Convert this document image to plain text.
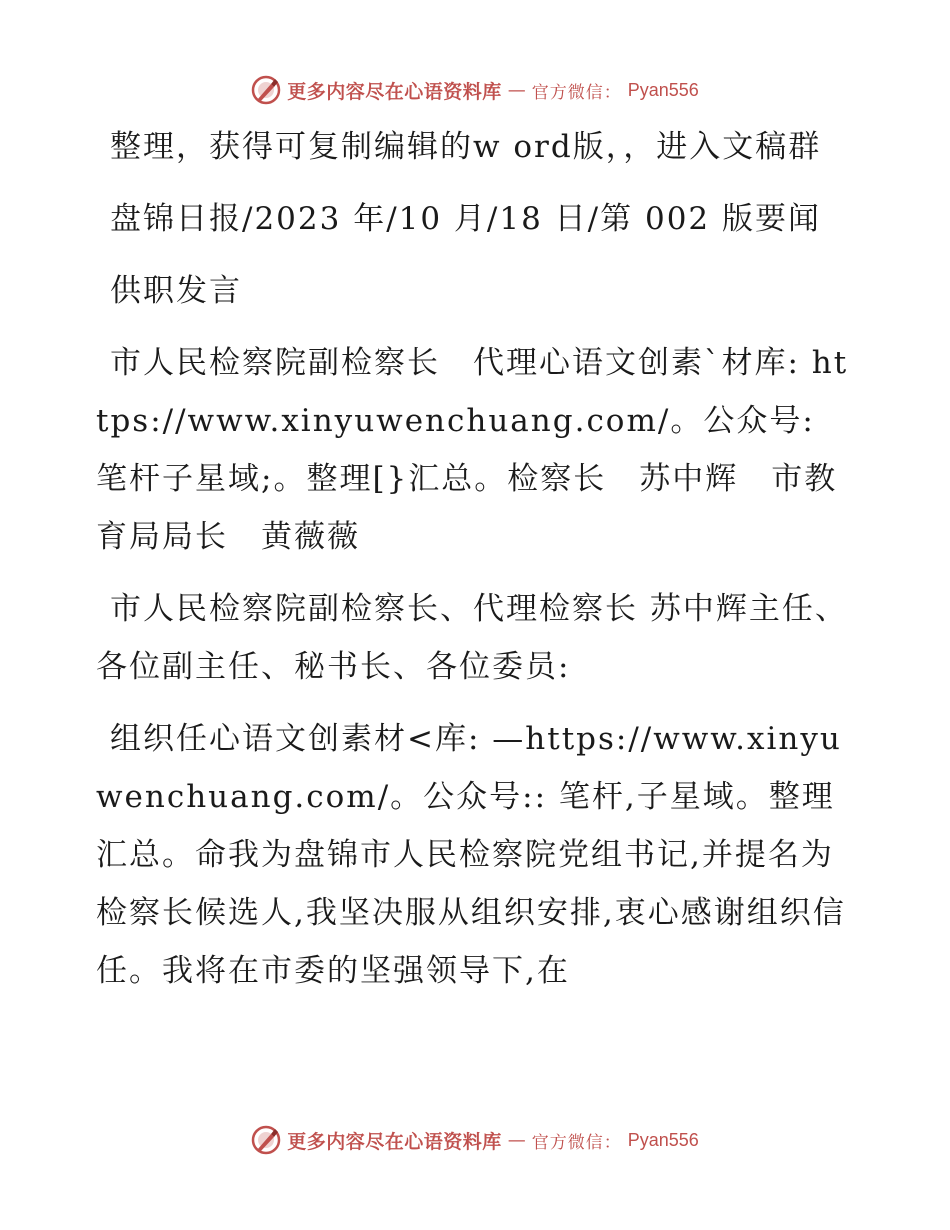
更多内容尽在心语资料库 — 官方微信： Pyan556

整理，获得可复制编辑的w ord版，，进入文稿群

盘锦日报/2023 年/10 月/18 日/第 002 版要闻

供职发言

市人民检察院副检察长　代理心语文创素`材库: https://www.xinyuwenchuang.com/。公众号: 笔杆子星域;。整理[}汇总。检察长　苏中辉　市教育局局长　黄薇薇

市人民检察院副检察长、代理检察长 苏中辉主任、各位副主任、秘书长、各位委员:

组织任心语文创素材<库: —https://www.xinyuwenchuang.com/。公众号:: 笔杆,子星域。整理汇总。命我为盘锦市人民检察院党组书记,并提名为检察长候选人,我坚决服从组织安排,衷心感谢组织信任。我将在市委的坚强领导下,在

更多内容尽在心语资料库 — 官方微信： Pyan556
